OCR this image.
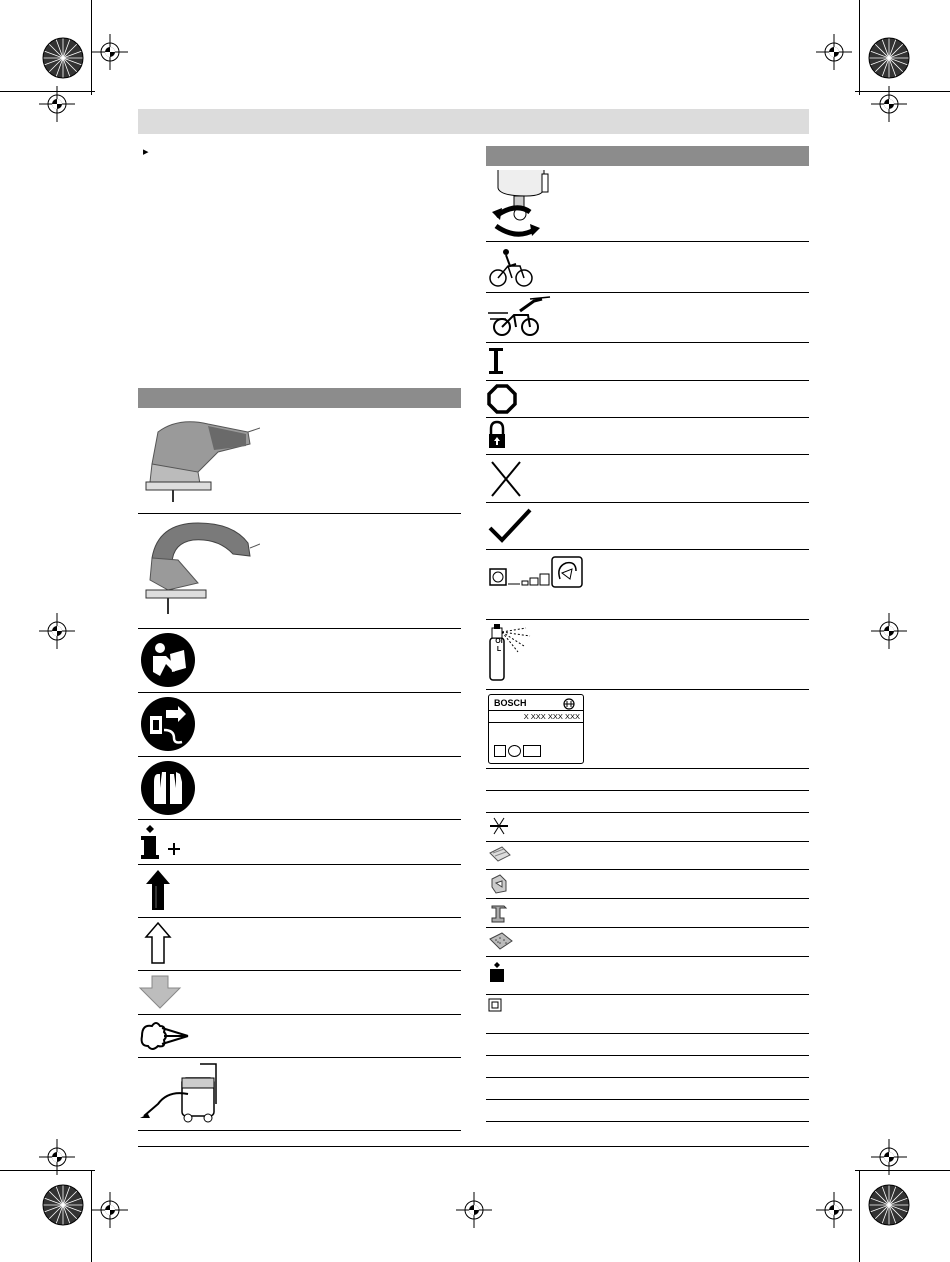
▸
OIL
BOSCH
X XXX XXX XXX
